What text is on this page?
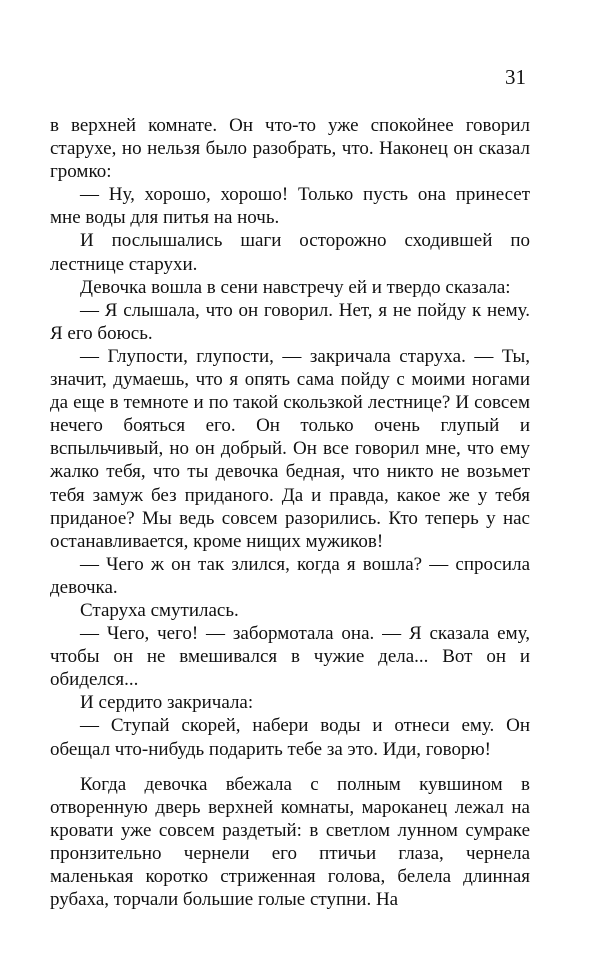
31

в верхней комнате. Он что-то уже спокойнее говорил старухе, но нельзя было разобрать, что. Наконец он сказал громко:

— Ну, хорошо, хорошо! Только пусть она принесет мне воды для питья на ночь.

И послышались шаги осторожно сходившей по лестнице старухи.

Девочка вошла в сени навстречу ей и твердо сказала:

— Я слышала, что он говорил. Нет, я не пойду к нему. Я его боюсь.

— Глупости, глупости, — закричала старуха. — Ты, значит, думаешь, что я опять сама пойду с моими ногами да еще в темноте и по такой скользкой лестнице? И совсем нечего бояться его. Он только очень глупый и вспыльчивый, но он добрый. Он все говорил мне, что ему жалко тебя, что ты девочка бедная, что никто не возьмет тебя замуж без приданого. Да и правда, какое же у тебя приданое? Мы ведь совсем разорились. Кто теперь у нас останавливается, кроме нищих мужиков!

— Чего ж он так злился, когда я вошла? — спросила девочка.

Старуха смутилась.

— Чего, чего! — забормотала она. — Я сказала ему, чтобы он не вмешивался в чужие дела... Вот он и обиделся...

И сердито закричала:

— Ступай скорей, набери воды и отнеси ему. Он обещал что-нибудь подарить тебе за это. Иди, говорю!

Когда девочка вбежала с полным кувшином в отворенную дверь верхней комнаты, мароканец лежал на кровати уже совсем раздетый: в светлом лунном сумраке пронзительно чернели его птичьи глаза, чернела маленькая коротко стриженная голова, белела длинная рубаха, торчали большие голые ступни. На
